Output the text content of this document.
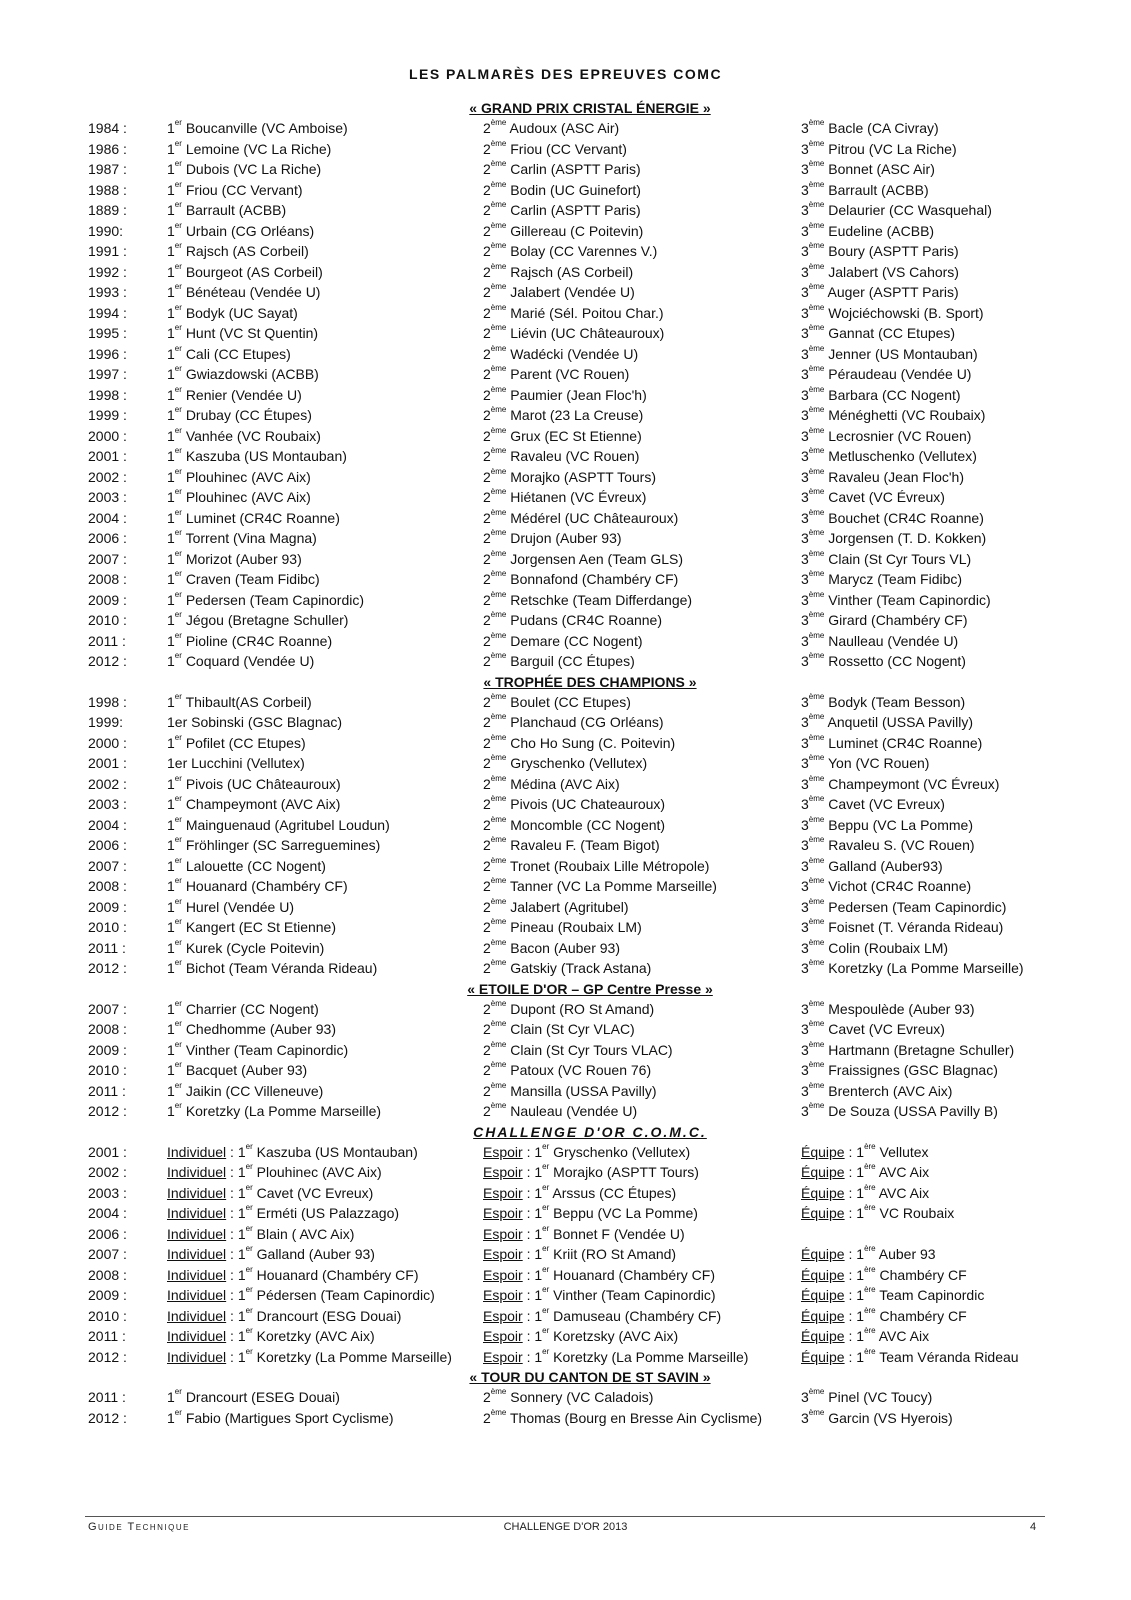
LES PALMARÈS DES EPREUVES COMC
« GRAND PRIX CRISTAL ÉNERGIE »
1984 :	1er Boucanville (VC Amboise)	2ème Audoux (ASC Air)	3ème Bacle (CA Civray)
1986 :	1er Lemoine (VC La Riche)	2ème Friou (CC Vervant)	3ème Pitrou (VC La Riche)
1987 :	1er Dubois (VC La Riche)	2ème Carlin (ASPTT Paris)	3ème Bonnet (ASC Air)
1988 :	1er Friou (CC Vervant)	2ème Bodin (UC Guinefort)	3ème Barrault (ACBB)
1889 :	1er Barrault (ACBB)	2ème Carlin (ASPTT Paris)	3ème Delaurier (CC Wasquehal)
1990:	1er Urbain (CG Orléans)	2ème Gillereau (C Poitevin)	3ème Eudeline (ACBB)
1991 :	1er Rajsch (AS Corbeil)	2ème Bolay (CC Varennes V.)	3ème Boury (ASPTT Paris)
1992 :	1er Bourgeot (AS Corbeil)	2ème Rajsch (AS Corbeil)	3ème Jalabert (VS Cahors)
1993 :	1er Bénéteau (Vendée U)	2ème Jalabert (Vendée U)	3ème Auger (ASPTT Paris)
1994 :	1er Bodyk (UC Sayat)	2ème Marié (Sél. Poitou Char.)	3ème Wojciéchowski (B. Sport)
1995 :	1er Hunt (VC St Quentin)	2ème Liévin (UC Châteauroux)	3ème Gannat (CC Etupes)
1996 :	1er Cali (CC Etupes)	2ème Wadécki (Vendée U)	3ème Jenner (US Montauban)
1997 :	1er Gwiazdowski (ACBB)	2ème Parent (VC Rouen)	3ème Péraudeau (Vendée U)
1998 :	1er Renier (Vendée U)	2ème Paumier (Jean Floc'h)	3ème Barbara (CC Nogent)
1999 :	1er Drubay (CC Étupes)	2ème Marot (23 La Creuse)	3ème Ménéghetti (VC Roubaix)
2000 :	1er Vanhée (VC Roubaix)	2ème Grux (EC St Etienne)	3ème Lecrosnier (VC Rouen)
2001 :	1er Kaszuba (US Montauban)	2ème Ravaleu (VC Rouen)	3ème Metluschenko (Vellutex)
2002 :	1er Plouhinec (AVC Aix)	2ème Morajko (ASPTT Tours)	3ème Ravaleu (Jean Floc'h)
2003 :	1er Plouhinec (AVC Aix)	2ème Hiétanen (VC Évreux)	3ème Cavet (VC Évreux)
2004 :	1er Luminet (CR4C Roanne)	2ème Médérel (UC Châteauroux)	3ème Bouchet (CR4C Roanne)
2006 :	1er Torrent (Vina Magna)	2ème Drujon (Auber 93)	3ème Jorgensen (T. D. Kokken)
2007 :	1er Morizot (Auber 93)	2ème Jorgensen Aen (Team GLS)	3ème Clain (St Cyr Tours VL)
2008 :	1er Craven (Team Fidibc)	2ème Bonnafond (Chambéry CF)	3ème Marycz (Team Fidibc)
2009 :	1er Pedersen (Team Capinordic)	2ème Retschke (Team Differdange)	3ème Vinther (Team Capinordic)
2010 :	1er Jégou (Bretagne Schuller)	2ème Pudans (CR4C Roanne)	3ème Girard (Chambéry CF)
2011 :	1er Pioline (CR4C Roanne)	2ème Demare (CC Nogent)	3ème Naulleau (Vendée U)
2012 :	1er Coquard (Vendée U)	2ème Barguil (CC Étupes)	3ème Rossetto (CC Nogent)
« TROPHÉE DES CHAMPIONS »
1998 :	1er Thibault(AS Corbeil)	2ème Boulet (CC Etupes)	3ème Bodyk (Team Besson)
1999:	1er Sobinski (GSC Blagnac)	2ème Planchaud (CG Orléans)	3ème Anquetil (USSA Pavilly)
2000 :	1er Pofilet (CC Etupes)	2ème Cho Ho Sung (C. Poitevin)	3ème Luminet (CR4C Roanne)
2001 :	1er Lucchini (Vellutex)	2ème Gryschenko (Vellutex)	3ème Yon (VC Rouen)
2002 :	1er Pivois (UC Châteauroux)	2ème Médina (AVC Aix)	3ème Champeymont (VC Évreux)
2003 :	1er Champeymont (AVC Aix)	2ème Pivois (UC Chateauroux)	3ème Cavet (VC Evreux)
2004 :	1er Mainguenaud (Agritubel Loudun)	2ème Moncomble (CC Nogent)	3ème Beppu (VC La Pomme)
2006 :	1er Fröhlinger (SC Sarreguemines)	2ème Ravaleu F. (Team Bigot)	3ème Ravaleu S. (VC Rouen)
2007 :	1er Lalouette (CC Nogent)	2ème Tronet (Roubaix Lille Métropole)	3ème Galland (Auber93)
2008 :	1er Houanard (Chambéry CF)	2ème Tanner (VC La Pomme Marseille)	3ème Vichot (CR4C Roanne)
2009 :	1er Hurel (Vendée U)	2ème Jalabert (Agritubel)	3ème Pedersen (Team Capinordic)
2010 :	1er Kangert (EC St Etienne)	2ème Pineau (Roubaix LM)	3ème Foisnet (T. Véranda Rideau)
2011 :	1er Kurek (Cycle Poitevin)	2ème Bacon (Auber 93)	3ème Colin (Roubaix LM)
2012 :	1er Bichot (Team Véranda Rideau)	2ème Gatskiy (Track Astana)	3ème Koretzky (La Pomme Marseille)
« ETOILE D'OR – GP Centre Presse »
2007 :	1er Charrier (CC Nogent)	2ème Dupont (RO St Amand)	3ème Mespoulède (Auber 93)
2008 :	1er Chedhomme (Auber 93)	2ème Clain (St Cyr VLAC)	3ème Cavet (VC Evreux)
2009 :	1er Vinther (Team Capinordic)	2ème Clain (St Cyr Tours VLAC)	3ème Hartmann (Bretagne Schuller)
2010 :	1er Bacquet (Auber 93)	2ème Patoux (VC Rouen 76)	3ème Fraissignes (GSC Blagnac)
2011 :	1er Jaikin (CC Villeneuve)	2ème Mansilla (USSA Pavilly)	3ème Brenterch (AVC Aix)
2012 :	1er Koretzky (La Pomme Marseille)	2ème Nauleau (Vendée U)	3ème De Souza (USSA Pavilly B)
CHALLENGE D'OR C.O.M.C.
2001 :	Individuel : 1er Kaszuba (US Montauban)	Espoir : 1er Gryschenko (Vellutex)	Équipe : 1ère Vellutex
2002 :	Individuel : 1er Plouhinec (AVC Aix)	Espoir : 1er Morajko (ASPTT Tours)	Équipe : 1ère AVC Aix
2003 :	Individuel : 1er Cavet (VC Evreux)	Espoir : 1er Arssus (CC Étupes)	Équipe : 1ère AVC Aix
2004 :	Individuel : 1er Erméti (US Palazzago)	Espoir : 1er Beppu (VC La Pomme)	Équipe : 1ère VC Roubaix
2006 :	Individuel : 1er Blain ( AVC Aix)	Espoir : 1er Bonnet F (Vendée U)
2007 :	Individuel : 1er Galland (Auber 93)	Espoir : 1er Kriit (RO St Amand)	Équipe : 1ère Auber 93
2008 :	Individuel : 1er Houanard (Chambéry CF)	Espoir : 1er Houanard (Chambéry CF)	Équipe : 1ère Chambéry CF
2009 :	Individuel : 1er Pédersen (Team Capinordic)	Espoir : 1er Vinther (Team Capinordic)	Équipe : 1ère Team Capinordic
2010 :	Individuel : 1er Drancourt (ESG Douai)	Espoir : 1er Damuseau (Chambéry CF)	Équipe : 1ère Chambéry CF
2011 :	Individuel : 1er Koretzky (AVC Aix)	Espoir : 1er Koretzsky (AVC Aix)	Équipe : 1ère AVC Aix
2012 :	Individuel : 1er Koretzky (La Pomme Marseille) Espoir : 1er Koretzky (La Pomme Marseille)	Équipe : 1ère Team Véranda Rideau
« TOUR DU CANTON DE ST SAVIN »
2011 :	1er Drancourt (ESEG Douai)	2ème Sonnery (VC Caladois)	3ème Pinel (VC Toucy)
2012 :	1er Fabio (Martigues Sport Cyclisme)	2ème Thomas (Bourg en Bresse Ain Cyclisme)	3ème Garcin (VS Hyerois)
Guide Technique	CHALLENGE D'OR 2013	4
